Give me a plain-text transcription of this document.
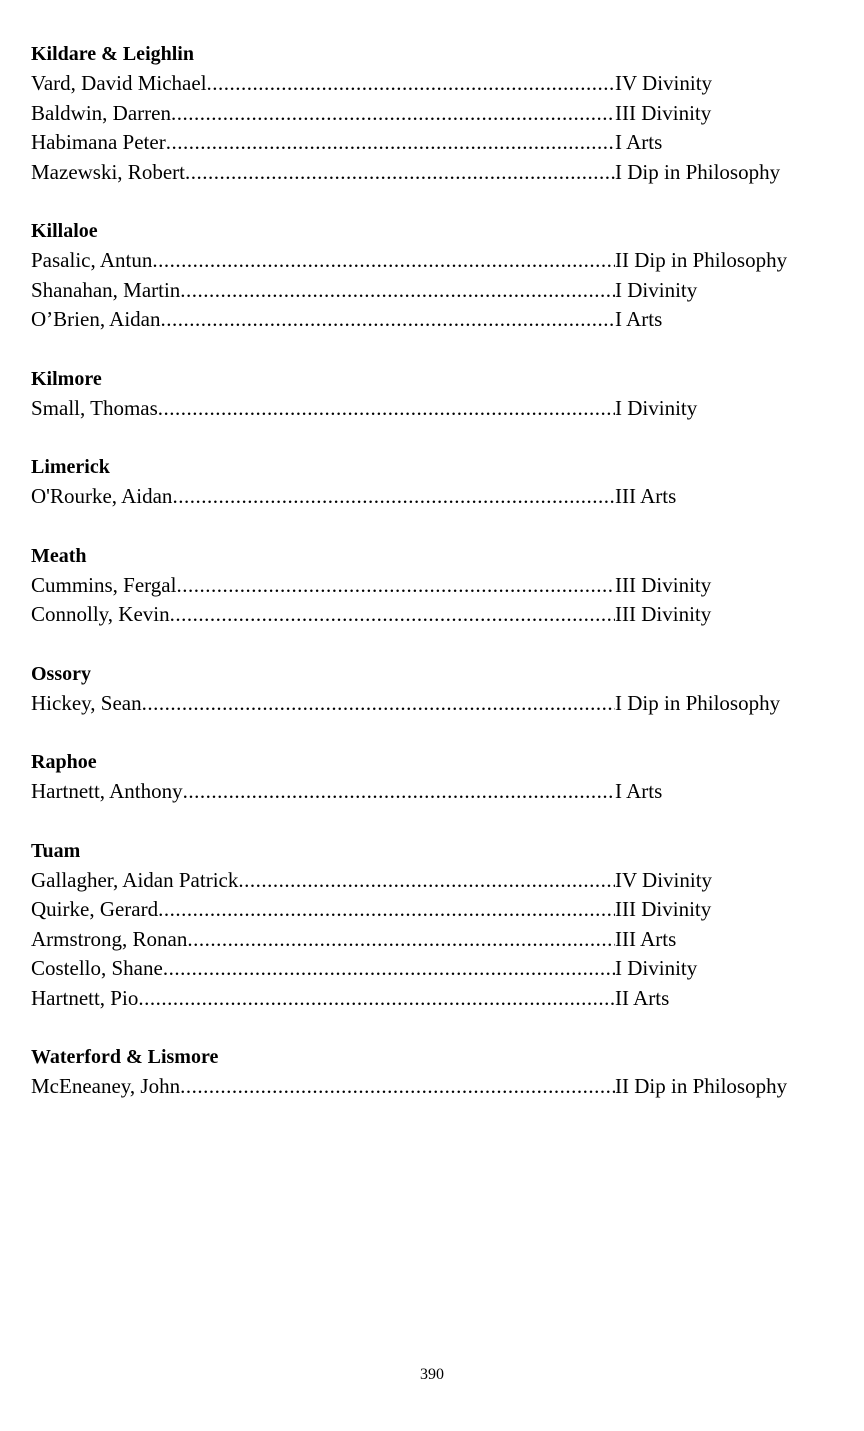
Kildare & Leighlin
Vard, David Michael .....	IV Divinity
Baldwin, Darren .....	III Divinity
Habimana Peter .....	I Arts
Mazewski, Robert .....	I Dip in Philosophy
Killaloe
Pasalic, Antun .....	II Dip in Philosophy
Shanahan, Martin .....	I Divinity
O’Brien, Aidan .....	I Arts
Kilmore
Small, Thomas .....	I Divinity
Limerick
O'Rourke, Aidan .....	III Arts
Meath
Cummins, Fergal .....	III Divinity
Connolly, Kevin .....	III Divinity
Ossory
Hickey, Sean .....	I Dip in Philosophy
Raphoe
Hartnett, Anthony .....	I Arts
Tuam
Gallagher, Aidan Patrick .....	IV Divinity
Quirke, Gerard .....	III Divinity
Armstrong, Ronan .....	III Arts
Costello, Shane .....	I Divinity
Hartnett, Pio .....	II Arts
Waterford & Lismore
McEneaney, John .....	II Dip in Philosophy
390
